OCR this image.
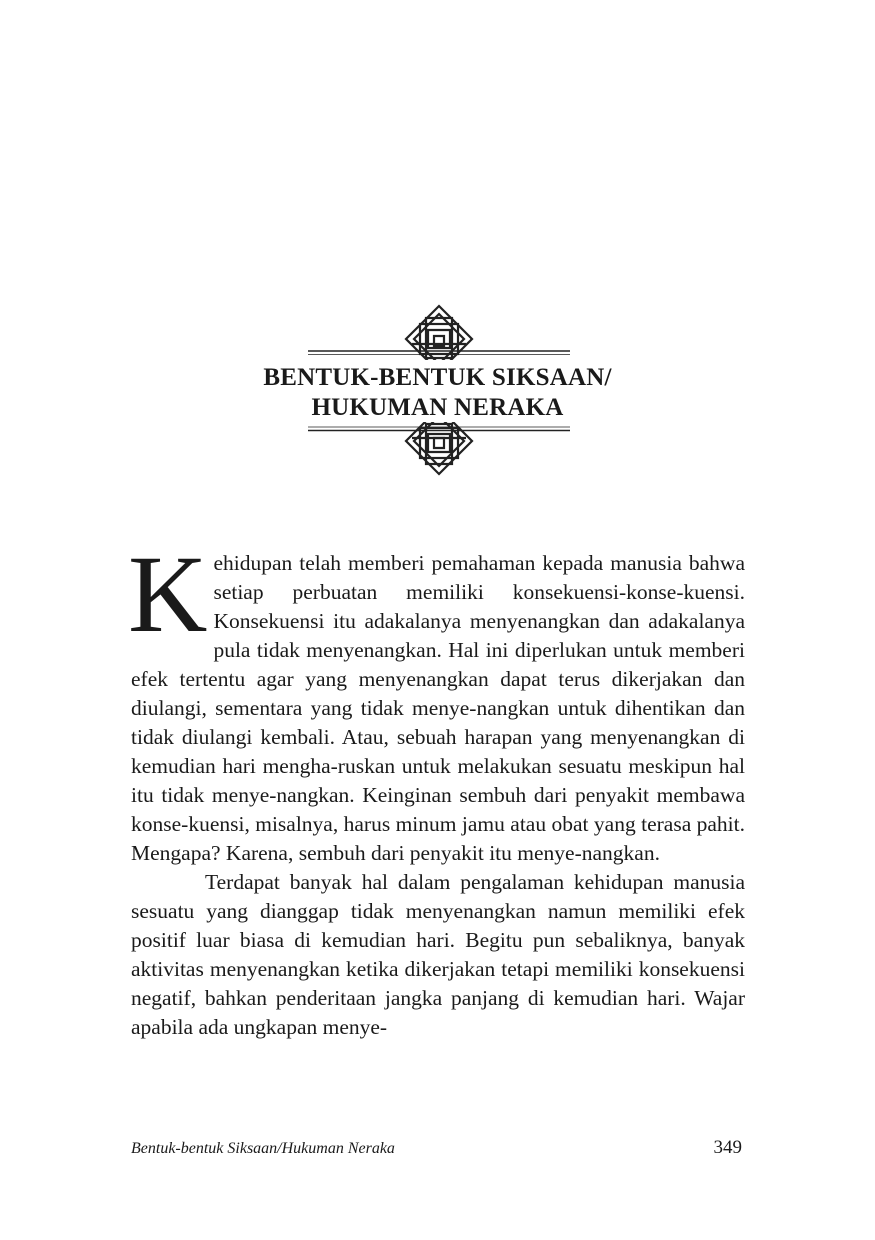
BENTUK-BENTUK SIKSAAN/
HUKUMAN NERAKA

Kehidupan telah memberi pemahaman kepada manusia bahwa setiap perbuatan memiliki konsekuensi-konse-kuensi. Konsekuensi itu adakalanya menyenangkan dan adakalanya pula tidak menyenangkan. Hal ini diperlukan untuk memberi efek tertentu agar yang menyenangkan dapat terus dikerjakan dan diulangi, sementara yang tidak menye-nangkan untuk dihentikan dan tidak diulangi kembali. Atau, sebuah harapan yang menyenangkan di kemudian hari mengha-ruskan untuk melakukan sesuatu meskipun hal itu tidak menye-nangkan. Keinginan sembuh dari penyakit membawa konse-kuensi, misalnya, harus minum jamu atau obat yang terasa pahit. Mengapa? Karena, sembuh dari penyakit itu menye-nangkan.

Terdapat banyak hal dalam pengalaman kehidupan manusia sesuatu yang dianggap tidak menyenangkan namun memiliki efek positif luar biasa di kemudian hari. Begitu pun sebaliknya, banyak aktivitas menyenangkan ketika dikerjakan tetapi memiliki konsekuensi negatif, bahkan penderitaan jangka panjang di kemudian hari. Wajar apabila ada ungkapan menye-

Bentuk-bentuk Siksaan/Hukuman Neraka	349
